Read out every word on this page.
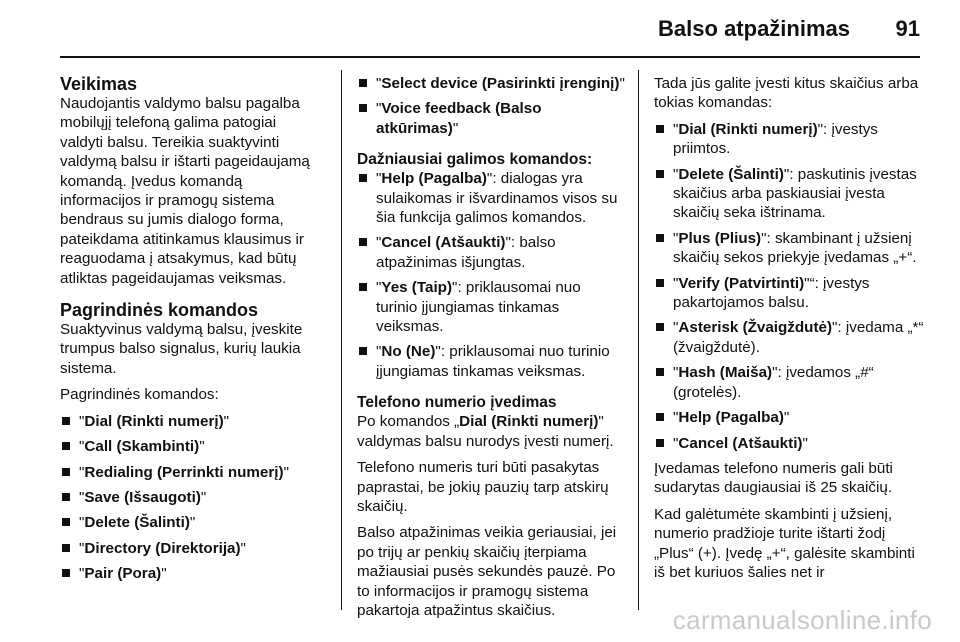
Balso atpažinimas 91
Veikimas

Naudojantis valdymo balsu pagalba mobilųjį telefoną galima patogiai valdyti balsu. Tereikia suaktyvinti valdymą balsu ir ištarti pageidaujamą komandą. Įvedus komandą informacijos ir pramogų sistema bendraus su jumis dialogo forma, pateikdama atitinkamus klausimus ir reaguodama į atsakymus, kad būtų atliktas pageidaujamas veiksmas.

Pagrindinės komandos

Suaktyvinus valdymą balsu, įveskite trumpus balso signalus, kurių laukia sistema.

Pagrindinės komandos:

"Dial (Rinkti numerį)"
"Call (Skambinti)"
"Redialing (Perrinkti numerį)"
"Save (Išsaugoti)"
"Delete (Šalinti)"
"Directory (Direktorija)"
"Pair (Pora)"
"Select device (Pasirinkti įrenginį)"
"Voice feedback (Balso atkūrimas)"
Dažniausiai galimos komandos:
"Help (Pagalba)": dialogas yra sulaikomas ir išvardinamos visos su šia funkcija galimos komandos.
"Cancel (Atšaukti)": balso atpažinimas išjungtas.
"Yes (Taip)": priklausomai nuo turinio įjungiamas tinkamas veiksmas.
"No (Ne)": priklausomai nuo turinio įjungiamas tinkamas veiksmas.
Telefono numerio įvedimas

Po komandos „Dial (Rinkti numerį)" valdymas balsu nurodys įvesti numerį.

Telefono numeris turi būti pasakytas paprastai, be jokių pauzių tarp atskirų skaičių.

Balso atpažinimas veikia geriausiai, jei po trijų ar penkių skaičių įterpiama mažiausiai pusės sekundės pauzė. Po to informacijos ir pramogų sistema pakartoja atpažintus skaičius.

Tada jūs galite įvesti kitus skaičius arba tokias komandas:

"Dial (Rinkti numerį)": įvestys priimtos.
"Delete (Šalinti)": paskutinis įvestas skaičius arba paskiausiai įvesta skaičių seka ištrinama.
"Plus (Plius)": skambinant į užsienį skaičių sekos priekyje įvedamas „+“.
"Verify (Patvirtinti)"“: įvestys pakartojamos balsu.
"Asterisk (Žvaigždutė)": įvedama „*“ (žvaigždutė).
"Hash (Maiša)": įvedamos „#“ (grotelės).
"Help (Pagalba)"
"Cancel (Atšaukti)"

Įvedamas telefono numeris gali būti sudarytas daugiausiai iš 25 skaičių.

Kad galėtumėte skambinti į užsienį, numerio pradžioje turite ištarti žodį „Plus“ (+). Įvedę „+“, galėsite skambinti iš bet kuriuos šalies net ir

carmanualsonline.info
